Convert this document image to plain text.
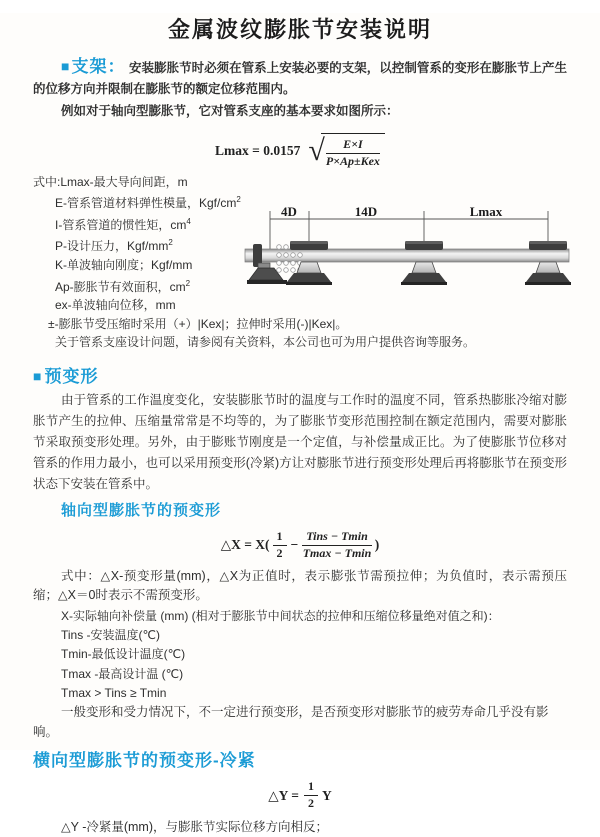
金属波纹膨胀节安装说明

■ 支架： 安装膨胀节时必须在管系上安装必要的支架，以控制管系的变形在膨胀节上产生的位移方向并限制在膨胀节的额定位移范围内。

例如对于轴向型膨胀节，它对管系支座的基本要求如图所示：

Lmax = 0.0157 √ $\frac{E\times I}{\text{P×Ap±Kex}}$
式中:Lmax-最大导向间距，m
E-管系管道材料弹性模量，Kgf/$cm^2$
I-管系管道的惯性矩，$cm^4$
P-设计压力，Kgf/$mm^2$
K-单波轴向刚度；Kgf/mm
Ap-膨胀节有效面积，$cm^2$
ex-单波轴向位移，mm
±-膨胀节受压缩时采用（+）|Kex|；拉伸时采用(-)|Kex|。

关于管系支座设计问题，请参阅有关资料，本公司也可为用户提供咨询等服务。

■ 预变形

由于管系的工作温度变化，安装膨胀节时的温度与工作时的温度不同，管系热膨胀冷缩对膨胀节产生的拉伸、压缩量常常是不均等的，为了膨胀节变形范围控制在额定范围内，需要对膨胀节采取预变形处理。另外，由于膨账节刚度是一个定值，与补偿量成正比。为了使膨胀节位移对管系的作用力最小，也可以采用预变形(冷紧)方让对膨胀节进行预变形处理后再将膨胀节在预变形状态下安装在管系中。

轴向型膨胀节的预变形
△X = $X( \frac{1}{2} - \frac{\text{Tins − Tmin}}{Tmax - Tmin}$ )

式中：△X-预变形量(mm)，△X为正值时，表示膨张节需预拉伸；为负值时，表示需预压缩；△X＝0时表示不需预变形。

X-实际轴向补偿量 (mm) (相对于膨胀节中间状态的拉伸和压缩位移量绝对值之和)：

Tins -安装温度(℃)

Tmin-最低设计温度(℃)

Tmax -最高设计温 (℃)

Tmax > Tins ≥ Tmin

一般变形和受力情况下，不一定进行预变形，是否预变形对膨胀节的疲劳寿命几乎没有影响。

横向型膨胀节的预变形-冷紧
△Y = $\frac{1}{2}$ Y

△Y -冷紧量(mm)，与膨胀节实际位移方向相反；

4D	14D	Lmax
